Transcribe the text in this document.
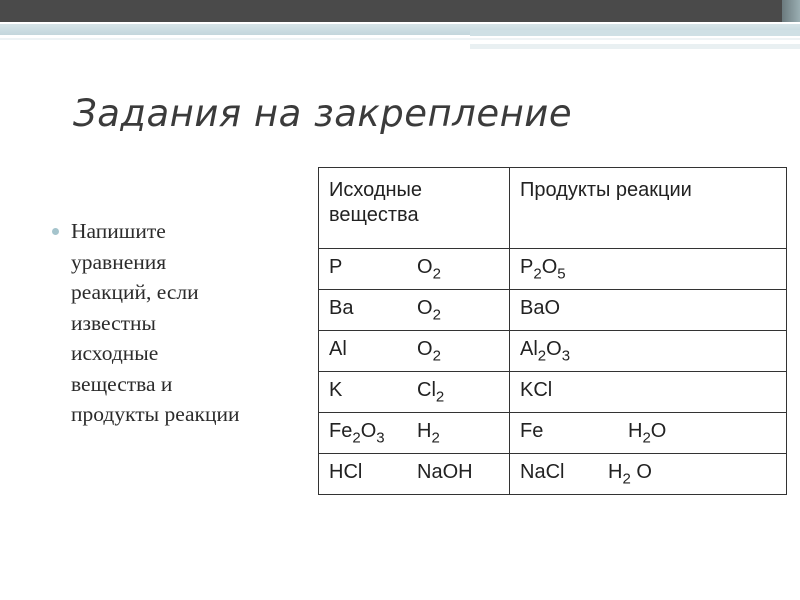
Задания на закрепление
Напишите
уравнения
реакций, если
известны
исходные
вещества и
продукты реакции
Исходные вещества	Продукты реакции
P $O_2$	$P_2O_5$
Ba $O_2$	BaO
Al $O_2$	$Al_2O_3$
K $Cl_2$	KCl
$Fe_2O_3$ $H_2$	Fe $H_2O$
HCl NaOH	NaCl $H_2$ O
